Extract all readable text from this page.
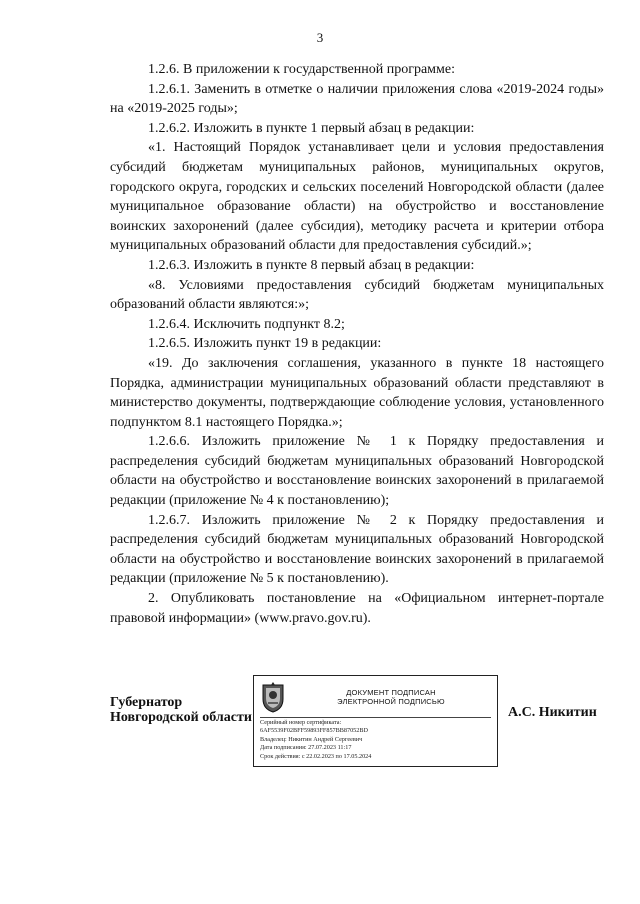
3

1.2.6. В приложении к государственной программе:

1.2.6.1. Заменить в отметке о наличии приложения слова «2019-2024 годы» на «2019-2025 годы»;

1.2.6.2. Изложить в пункте 1 первый абзац в редакции:

«1. Настоящий Порядок устанавливает цели и условия предоставления субсидий бюджетам муниципальных районов, муниципальных округов, городского округа, городских и сельских поселений Новгородской области (далее муниципальное образование области) на обустройство и восстановление воинских захоронений (далее субсидия), методику расчета и критерии отбора муниципальных образований области для предоставления субсидий.»;

1.2.6.3. Изложить в пункте 8 первый абзац в редакции:

«8. Условиями предоставления субсидий бюджетам муниципальных образований области являются:»;

1.2.6.4. Исключить подпункт 8.2;

1.2.6.5. Изложить пункт 19 в редакции:

«19. До заключения соглашения, указанного в пункте 18 настоящего Порядка, администрации муниципальных образований области представляют в министерство документы, подтверждающие соблюдение условия, установленного подпунктом 8.1 настоящего Порядка.»;

1.2.6.6. Изложить приложение № 1 к Порядку предоставления и распределения субсидий бюджетам муниципальных образований Новгородской области на обустройство и восстановление воинских захоронений в прилагаемой редакции (приложение № 4 к постановлению);

1.2.6.7. Изложить приложение № 2 к Порядку предоставления и распределения субсидий бюджетам муниципальных образований Новгородской области на обустройство и восстановление воинских захоронений в прилагаемой редакции (приложение № 5 к постановлению).

2. Опубликовать постановление на «Официальном интернет-портале правовой информации» (www.pravo.gov.ru).

Губернатор
Новгородской области
ДОКУМЕНТ ПОДПИСАН
ЭЛЕКТРОННОЙ ПОДПИСЬЮ
Серийный номер сертификата:
6AF5539F02BFF59893FF857BB87052BD
Владелец: Никитин Андрей Сергеевич
Дата подписания: 27.07.2023 11:17
Срок действия: с 22.02.2023 по 17.05.2024
А.С. Никитин
